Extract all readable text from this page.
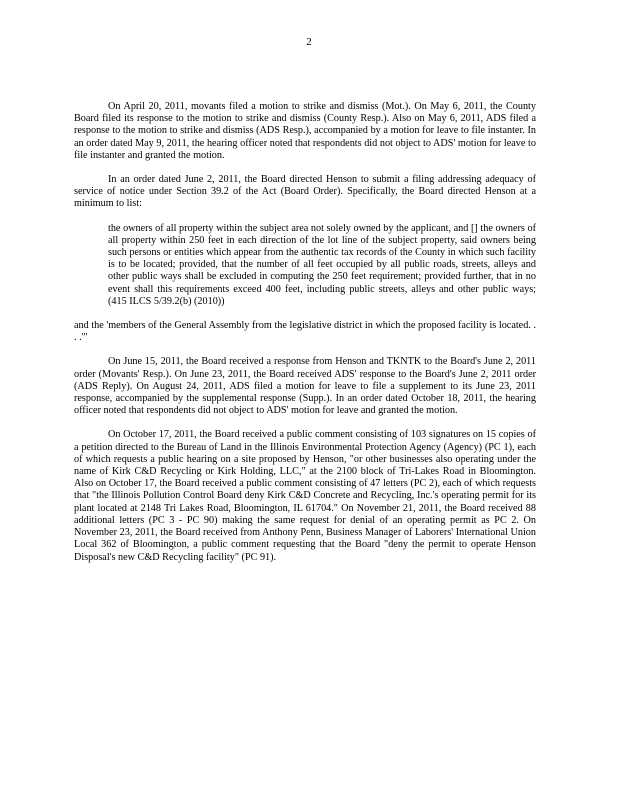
2

On April 20, 2011, movants filed a motion to strike and dismiss (Mot.). On May 6, 2011, the County Board filed its response to the motion to strike and dismiss (County Resp.). Also on May 6, 2011, ADS filed a response to the motion to strike and dismiss (ADS Resp.), accompanied by a motion for leave to file instanter. In an order dated May 9, 2011, the hearing officer noted that respondents did not object to ADS' motion for leave to file instanter and granted the motion.

In an order dated June 2, 2011, the Board directed Henson to submit a filing addressing adequacy of service of notice under Section 39.2 of the Act (Board Order). Specifically, the Board directed Henson at a minimum to list:

the owners of all property within the subject area not solely owned by the applicant, and [] the owners of all property within 250 feet in each direction of the lot line of the subject property, said owners being such persons or entities which appear from the authentic tax records of the County in which such facility is to be located; provided, that the number of all feet occupied by all public roads, streets, alleys and other public ways shall be excluded in computing the 250 feet requirement; provided further, that in no event shall this requirements exceed 400 feet, including public streets, alleys and other public ways; (415 ILCS 5/39.2(b) (2010))

and the 'members of the General Assembly from the legislative district in which the proposed facility is located. . . .'"

On June 15, 2011, the Board received a response from Henson and TKNTK to the Board's June 2, 2011 order (Movants' Resp.). On June 23, 2011, the Board received ADS' response to the Board's June 2, 2011 order (ADS Reply). On August 24, 2011, ADS filed a motion for leave to file a supplement to its June 23, 2011 response, accompanied by the supplemental response (Supp.). In an order dated October 18, 2011, the hearing officer noted that respondents did not object to ADS' motion for leave and granted the motion.

On October 17, 2011, the Board received a public comment consisting of 103 signatures on 15 copies of a petition directed to the Bureau of Land in the Illinois Environmental Protection Agency (Agency) (PC 1), each of which requests a public hearing on a site proposed by Henson, "or other businesses also operating under the name of Kirk C&D Recycling or Kirk Holding, LLC," at the 2100 block of Tri-Lakes Road in Bloomington. Also on October 17, the Board received a public comment consisting of 47 letters (PC 2), each of which requests that "the Illinois Pollution Control Board deny Kirk C&D Concrete and Recycling, Inc.'s operating permit for its plant located at 2148 Tri Lakes Road, Bloomington, IL 61704." On November 21, 2011, the Board received 88 additional letters (PC 3 - PC 90) making the same request for denial of an operating permit as PC 2. On November 23, 2011, the Board received from Anthony Penn, Business Manager of Laborers' International Union Local 362 of Bloomington, a public comment requesting that the Board "deny the permit to operate Henson Disposal's new C&D Recycling facility" (PC 91).
